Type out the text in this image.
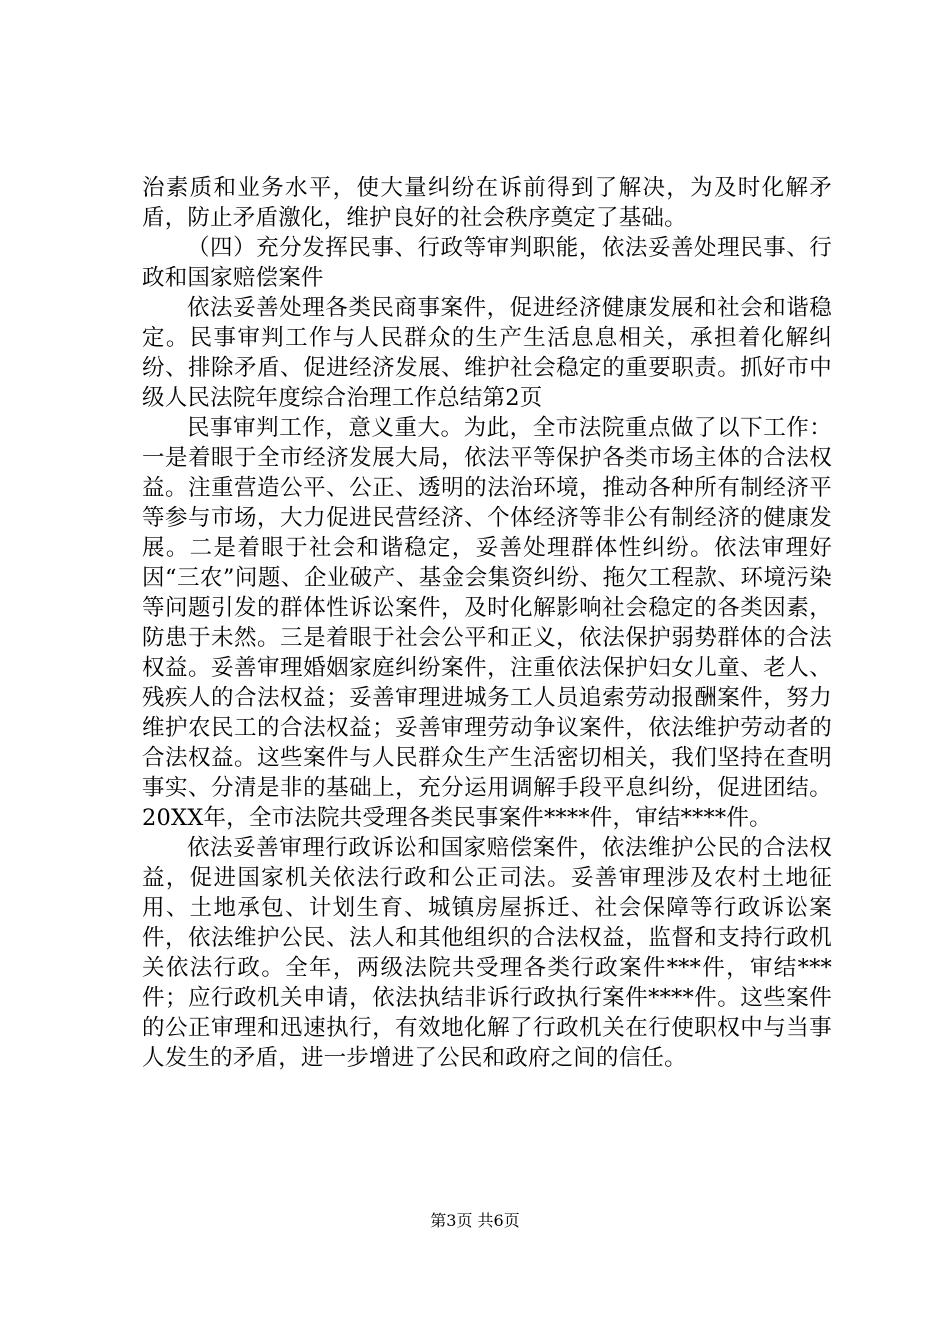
治素质和业务水平，使大量纠纷在诉前得到了解决，为及时化解矛盾，防止矛盾激化，维护良好的社会秩序奠定了基础。

（四）充分发挥民事、行政等审判职能，依法妥善处理民事、行政和国家赔偿案件

依法妥善处理各类民商事案件，促进经济健康发展和社会和谐稳定。民事审判工作与人民群众的生产生活息息相关，承担着化解纠纷、排除矛盾、促进经济发展、维护社会稳定的重要职责。抓好市中级人民法院年度综合治理工作总结第2页

民事审判工作，意义重大。为此，全市法院重点做了以下工作：一是着眼于全市经济发展大局，依法平等保护各类市场主体的合法权益。注重营造公平、公正、透明的法治环境，推动各种所有制经济平等参与市场，大力促进民营经济、个体经济等非公有制经济的健康发展。二是着眼于社会和谐稳定，妥善处理群体性纠纷。依法审理好因“三农”问题、企业破产、基金会集资纠纷、拖欠工程款、环境污染等问题引发的群体性诉讼案件，及时化解影响社会稳定的各类因素，防患于未然。三是着眼于社会公平和正义，依法保护弱势群体的合法权益。妥善审理婚姻家庭纠纷案件，注重依法保护妇女儿童、老人、残疾人的合法权益；妥善审理进城务工人员追索劳动报酬案件，努力维护农民工的合法权益；妥善审理劳动争议案件，依法维护劳动者的合法权益。这些案件与人民群众生产生活密切相关，我们坚持在查明事实、分清是非的基础上，充分运用调解手段平息纠纷，促进团结。20XX年，全市法院共受理各类民事案件****件，审结****件。

依法妥善审理行政诉讼和国家赔偿案件，依法维护公民的合法权益，促进国家机关依法行政和公正司法。妥善审理涉及农村土地征用、土地承包、计划生育、城镇房屋拆迁、社会保障等行政诉讼案件，依法维护公民、法人和其他组织的合法权益，监督和支持行政机关依法行政。全年，两级法院共受理各类行政案件***件，审结***件；应行政机关申请，依法执结非诉行政执行案件****件。这些案件的公正审理和迅速执行，有效地化解了行政机关在行使职权中与当事人发生的矛盾，进一步增进了公民和政府之间的信任。

第3页 共6页
